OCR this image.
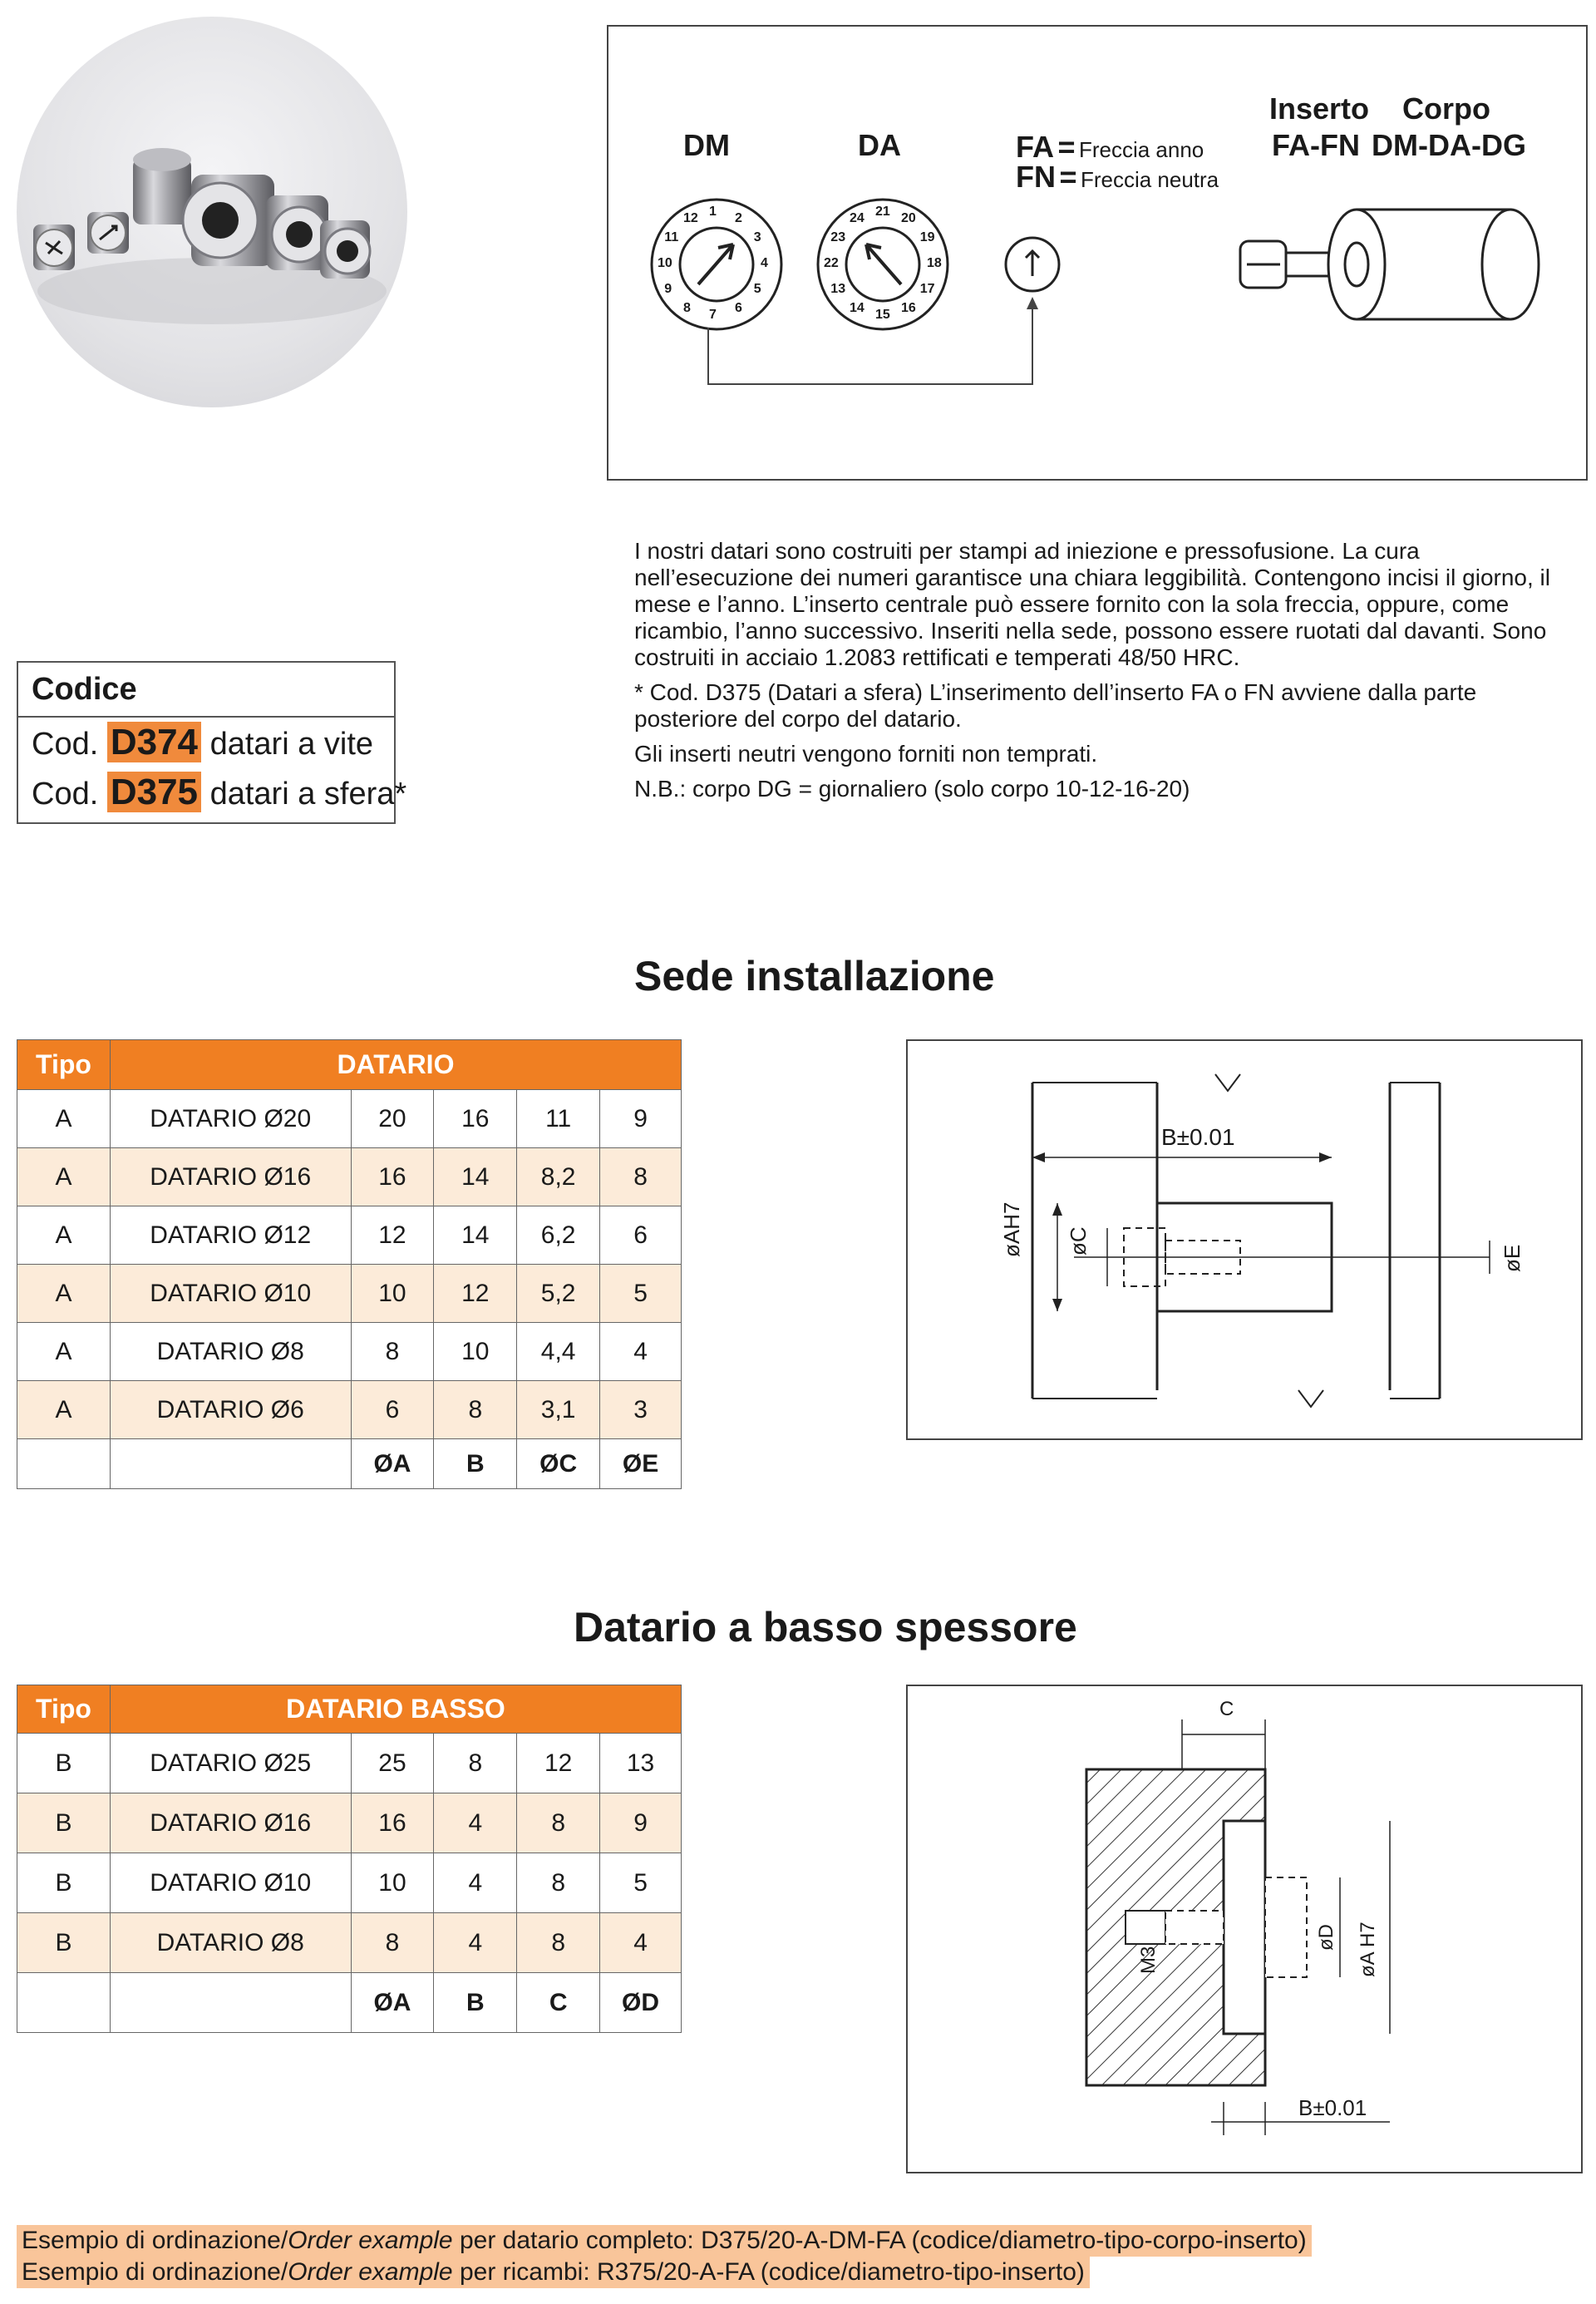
DM	DA	FA = Freccia anno
FN = Freccia neutra
Inserto
FA-FN
Corpo
DM-DA-DG
1 2
3
4
5
6
7
8
9
10
11
12	21 20
19
18
17
16
15
14
13
22
23
24
Codice
Cod. D374 datari a vite
Cod. D375 datari a sfera*

I nostri datari sono costruiti per stampi ad iniezione e pressofusione. La cura nell’esecuzione dei numeri garantisce una chiara leggibilità. Contengono incisi il giorno, il mese e l’anno. L’inserto centrale può essere fornito con la sola freccia, oppure, come ricambio, l’anno successivo. Inseriti nella sede, possono essere ruotati dal davanti. Sono costruiti in acciaio 1.2083 rettificati e temperati 48/50 HRC.

* Cod. D375 (Datari a sfera) L’inserimento dell’inserto FA o FN avviene dalla parte posteriore del corpo del datario.

Gli inserti neutri vengono forniti non temprati.

N.B.: corpo DG = giornaliero (solo corpo 10-12-16-20)

Sede installazione
Tipo	DATARIO				
A	DATARIO Ø20	20	16	11	9
A	DATARIO Ø16	16	14	8,2	8
A	DATARIO Ø12	12	14	6,2	6
A	DATARIO Ø10	10	12	5,2	5
A	DATARIO Ø8	8	10	4,4	4
A	DATARIO Ø6	6	8	3,1	3
		ØA	B	ØC	ØE
B±0.01
øAH7 øC
øE
Datario a basso spessore
Tipo	DATARIO BASSO				
B	DATARIO Ø25	25	8	12	13
B	DATARIO Ø16	16	4	8	9
B	DATARIO Ø10	10	4	8	5
B	DATARIO Ø8	8	4	8	4
		ØA	B	C	ØD
C
B±0.01
M3
øD øA H7
Esempio di ordinazione/Order example per datario completo: D375/20-A-DM-FA (codice/diametro-tipo-corpo-inserto)
Esempio di ordinazione/Order example per ricambi: R375/20-A-FA (codice/diametro-tipo-inserto)
